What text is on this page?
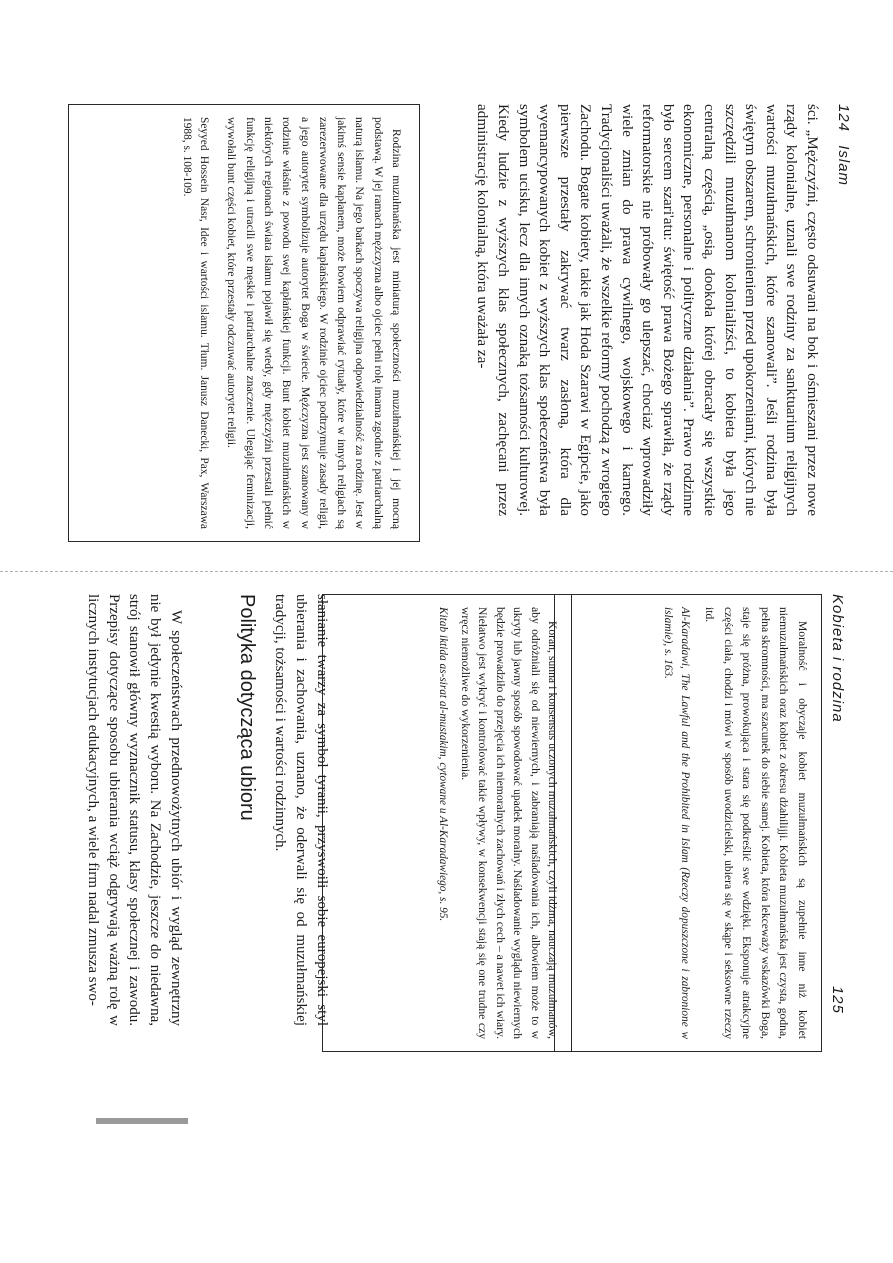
124 Islam

ści. „Mężczyźni, często odsuwani na bok i ośmieszani przez nowe rządy kolonialne, uznali swe rodziny za sanktuarium religijnych wartości muzułmańskich, które szanowali”. Jeśli rodzina była świętym obszarem, schronieniem przed upokorzeniami, których nie szczędzili muzułmanom kolonializści, to kobieta była jego centralną częścią, „osią, dookoła której obracały się wszystkie ekonomiczne, personalne i polityczne działania”. Prawo rodzinne było sercem szari'atu: świętość prawa Bożego sprawiła, że rządy reformatorskie nie próbowały go ulepszać, chociaż wprowadziły wiele zmian do prawa cywilnego, wojskowego i karnego. Tradycjonaliści uważali, że wszelkie reformy pochodzą z wrogiego Zachodu. Bogate kobiety, takie jak Hoda Szarawi w Egipcie, jako pierwsze przestały zakrywać twarz zasłoną, która dla wyemancypowanych kobiet z wyższych klas społeczeństwa była symbolem ucisku, lecz dla innych oznaką tożsamości kulturowej. Kiedy ludzie z wyższych klas społecznych, zachęcani przez administrację kolonialną, która uważała za-

Rodzina muzułmańska jest miniaturą społeczności muzułmańskiej i jej mocną podstawą. W jej ramach mężczyzna albo ojciec pełni rolę imama zgodnie z patriarchalną naturą islamu. Na jego barkach spoczywa religijna odpowiedzialność za rodzinę. Jest w jakimś sensie kapłanem, może bowiem odprawiać rytuały, które w innych religiach są zarezerwowane dla urzędu kapłańskiego. W rodzinie ojciec podtrzymuje zasady religii, a jego autorytet symbolizuje autorytet Boga w świecie. Mężczyzna jest szanowany w rodzinie właśnie z powodu swej kapłańskiej funkcji. Bunt kobiet muzułmańskich w niektórych regionach świata islamu pojawił się wtedy, gdy mężczyźni przestali pełnić funkcję religijną i utracili swe męskie i patriarchalne znaczenie. Ulegając feminizacji, wywołali bunt części kobiet, które przestały odczuwać autorytet religii.

Seyyed Hossein Nasr, Idee i wartości islamu. Tłum. Janusz Danecki, Pax, Warszawa 1988, s. 108-109.

Kobieta i rodzina
125

Moralność i obyczaje kobiet muzułmańskich są zupełnie inne niż kobiet niemuzułmańskich oraz kobiet z okresu dżahilijji. Kobieta muzułmańska jest czysta, godna, pełna skromności, ma szacunek do siebie samej. Kobieta, która lekceważy wskazówki Boga, staje się próżna, prowokująca i stara się podkreślić swe wdzięki. Eksponuje atrakcyjne części ciała, chodzi i mówi w sposób uwodzicielski, ubiera się w skąpe i seksowne rzeczy itd.

Al-Karadawi, The Lawful and the Prohibited in Islam (Rzeczy dopuszczone i zabronione w islamie), s. 163.

Koran, sunna i konsensus uczonych muzułmańskich, czyli idżma, nauczają muzułmanów, aby odróżniali się od niewiernych, i zabraniają naśladowania ich, albowiem może to w ukryty lub jawny sposób spowodować upadek moralny. Naśladowanie wyglądu niewiernych będzie prowadziło do przejęcia ich niemoralnych zachowań i złych cech – a nawet ich wiary. Niełatwo jest wykryć i kontrolować takie wpływy, w konsekwencji stają się one trudne czy wręcz niemożliwe do wykorzenienia.

Kitab iktida as-sirat al-mustakim, cytowane u Al-Karadawiego, s. 95.

słanianie twarzy za symbol tyranii, przyswoili sobie europejski styl ubierania i zachowania, uznano, że oderwali się od muzułmańskiej tradycji, tożsamości i wartości rodzinnych.

Polityka dotycząca ubioru

W społeczeństwach przednowożytnych ubiór i wygląd zewnętrzny nie był jedynie kwestią wyboru. Na Zachodzie, jeszcze do niedawna, strój stanowił główny wyznacznik statusu, klasy społecznej i zawodu. Przepisy dotyczące sposobu ubierania wciąż odgrywają ważną rolę w licznych instytucjach edukacyjnych, a wiele firm nadal zmusza swo-
